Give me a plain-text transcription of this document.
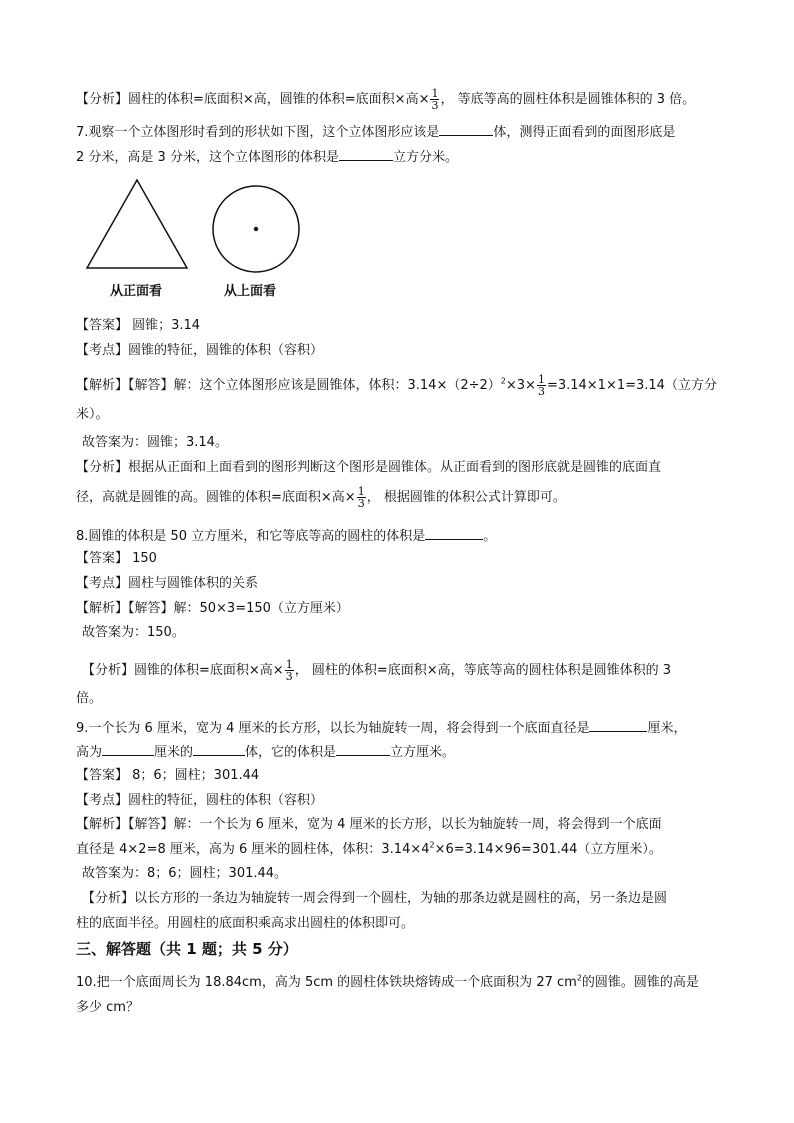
【分析】圆柱的体积=底面积×高，圆锥的体积=底面积×高× $\frac{1}{3}$ ， 等底等高的圆柱体积是圆锥体积的 3 倍。
7.观察一个立体图形时看到的形状如下图，这个立体图形应该是	体，测得正面看到的面图形底是
2 分米，高是 3 分米，这个立体图形的体积是	立方分米。
从正面看	从上面看
【答案】 圆锥；3.14
【考点】圆锥的特征，圆锥的体积（容积）
【解析】【解答】解：这个立体图形应该是圆锥体，体积：$3.14\times(2\div 2)^2\times 3\times \frac{1}{3} =3.14\times 1\times 1=3.14$（立方分
米）。
故答案为：圆锥；3.14。
【分析】根据从正面和上面看到的图形判断这个图形是圆锥体。从正面看到的图形底就是圆锥的底面直
径，高就是圆锥的高。圆锥的体积=底面积×高× $\frac{1}{3}$ ， 根据圆锥的体积公式计算即可。
8.圆锥的体积是 50 立方厘米，和它等底等高的圆柱的体积是	。
【答案】 150
【考点】圆柱与圆锥体积的关系
【解析】【解答】解：50×3=150（立方厘米）
故答案为：150。
【分析】圆锥的体积=底面积×高× $\frac{1}{3}$ ， 圆柱的体积=底面积×高，等底等高的圆柱体积是圆锥体积的 3
倍。
9.一个长为 6 厘米，宽为 4 厘米的长方形，以长为轴旋转一周，将会得到一个底面直径是	厘米，
高为	厘米的	体，它的体积是	立方厘米。
【答案】 8；6；圆柱；301.44
【考点】圆柱的特征，圆柱的体积（容积）
【解析】【解答】解：一个长为 6 厘米，宽为 4 厘米的长方形，以长为轴旋转一周，将会得到一个底面
直径是 4×2=8 厘米，高为 6 厘米的圆柱体，体积：$3.14\times 4^2\times 6=3.14\times 96=301.44$（立方厘米）。
故答案为：8；6；圆柱；301.44。
【分析】以长方形的一条边为轴旋转一周会得到一个圆柱，为轴的那条边就是圆柱的高，另一条边是圆
柱的底面半径。用圆柱的底面积乘高求出圆柱的体积即可。
三、解答题（共 1 题；共 5 分）
10.把一个底面周长为 18.84cm，高为 5cm 的圆柱体铁块熔铸成一个底面积为 27 $cm^2$的圆锥。圆锥的高是
多少 cm？
